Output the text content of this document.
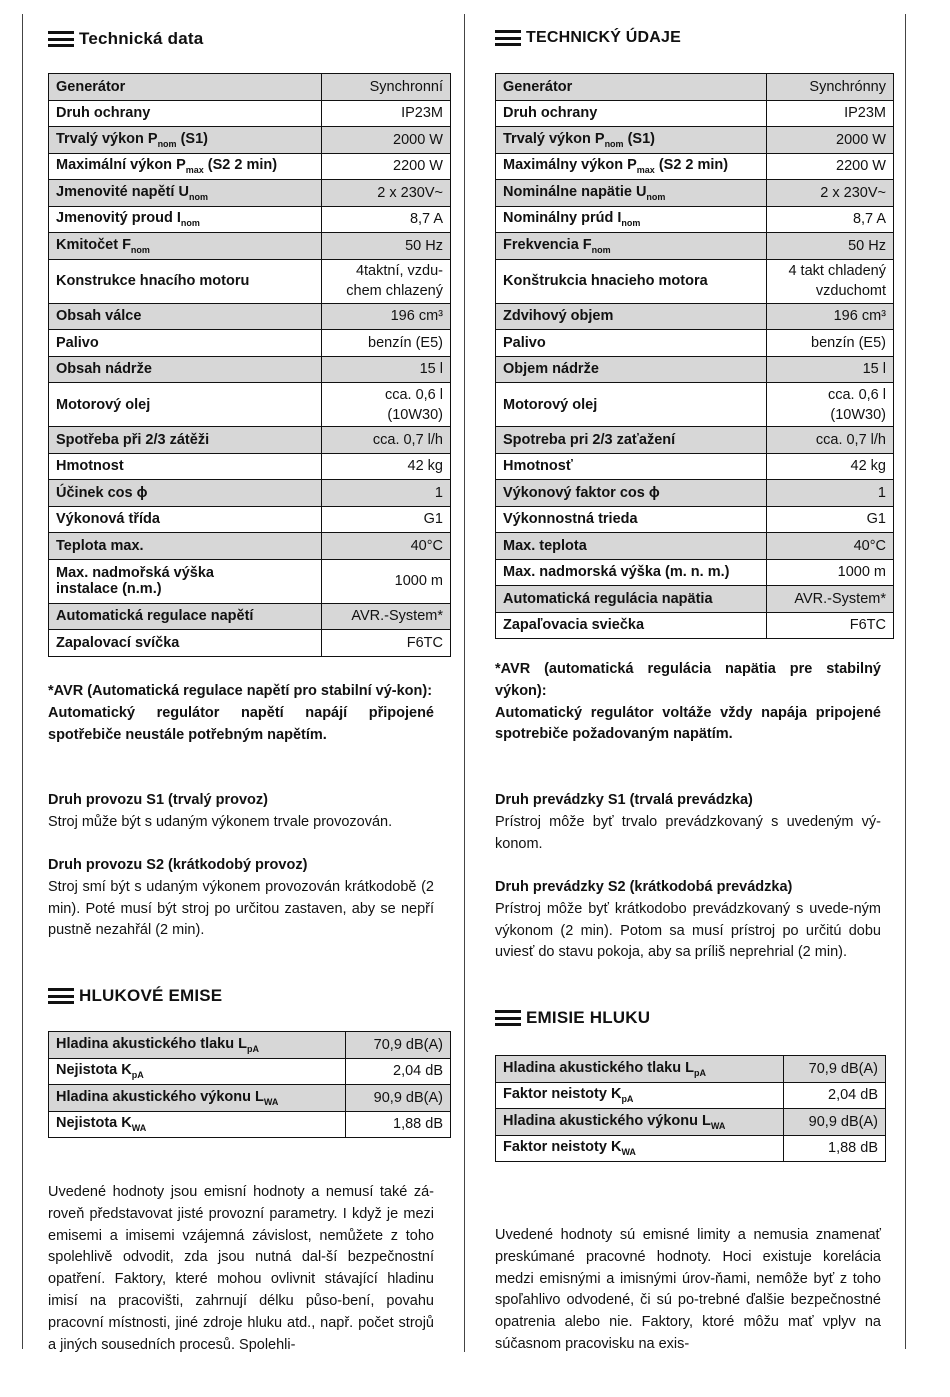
Technická data
Generátor	Synchronní
Druh ochrany	IP23M
Trvalý výkon $P_{nom}$ (S1)	2000 W
Maximální výkon $P_{max}$ (S2 2 min)	2200 W
Jmenovité napětí $U_{nom}$	2 x 230V~
Jmenovitý proud $I_{nom}$	8,7 A
Kmitočet $F_{nom}$	50 Hz
Konstrukce hnacího motoru	4taktní, vzdu-
chem chlazený
Obsah válce	196 cm³
Palivo	benzín (E5)
Obsah nádrže	15 l
Motorový olej	cca. 0,6 l
(10W30)
Spotřeba při 2/3 zátěži	cca. 0,7 l/h
Hmotnost	42 kg
Účinek cos ϕ	1
Výkonová třída	G1
Teplota max.	40°C
Max. nadmořská výška
instalace (n.m.)	1000 m
Automatická regulace napětí	AVR.-System*
Zapalovací svíčka	F6TC

*AVR (Automatická regulace napětí pro stabilní vý-kon):

Automatický regulátor napětí napájí připojené spotřebiče neustále potřebným napětím.

Druh provozu S1 (trvalý provoz)

Stroj může být s udaným výkonem trvale provozován.

Druh provozu S2 (krátkodobý provoz)

Stroj smí být s udaným výkonem provozován krátkodobě (2 min). Poté musí být stroj po určitou zastaven, aby se nepří pustně nezahřál (2 min).

HLUKOVÉ EMISE
Hladina akustického tlaku $L_{pA}$	70,9 dB(A)
Nejistota $K_{pA}$	2,04 dB
Hladina akustického výkonu $L_{WA}$	90,9 dB(A)
Nejistota $K_{WA}$	1,88 dB

Uvedené hodnoty jsou emisní hodnoty a nemusí také zá-roveň představovat jisté provozní parametry. I když je mezi emisemi a imisemi vzájemná závislost, nemůžete z toho spolehlivě odvodit, zda jsou nutná dal-ší bezpečnostní opatření. Faktory, které mohou ovlivnit stávající hladinu imisí na pracovišti, zahrnují délku půso-bení, povahu pracovní místnosti, jiné zdroje hluku atd., např. počet strojů a jiných sousedních procesů. Spolehli-

TECHNICKÝ ÚDAJE
Generátor	Synchrónny
Druh ochrany	IP23M
Trvalý výkon $P_{nom}$ (S1)	2000 W
Maximálny výkon $P_{max}$ (S2 2 min)	2200 W
Nominálne napätie $U_{nom}$	2 x 230V~
Nominálny prúd $I_{nom}$	8,7 A
Frekvencia $F_{nom}$	50 Hz
Konštrukcia hnacieho motora	4 takt chladený
vzduchomt
Zdvihový objem	196 cm³
Palivo	benzín (E5)
Objem nádrže	15 l
Motorový olej	cca. 0,6 l
(10W30)
Spotreba pri 2/3 zaťažení	cca. 0,7 l/h
Hmotnosť	42 kg
Výkonový faktor cos ϕ	1
Výkonnostná trieda	G1
Max. teplota	40°C
Max. nadmorská výška (m. n. m.)	1000 m
Automatická regulácia napätia	AVR.-System*
Zapaľovacia sviečka	F6TC

*AVR (automatická regulácia napätia pre stabilný výkon):

Automatický regulátor voltáže vždy napája pripojené spotrebiče požadovaným napätím.

Druh prevádzky S1 (trvalá prevádzka)

Prístroj môže byť trvalo prevádzkovaný s uvedeným vý-konom.

Druh prevádzky S2 (krátkodobá prevádzka)

Prístroj môže byť krátkodobo prevádzkovaný s uvede-ným výkonom (2 min). Potom sa musí prístroj po určitú dobu uviesť do stavu pokoja, aby sa príliš neprehrial (2 min).

EMISIE HLUKU
Hladina akustického tlaku $L_{pA}$	70,9 dB(A)
Faktor neistoty $K_{pA}$	2,04 dB
Hladina akustického výkonu $L_{WA}$	90,9 dB(A)
Faktor neistoty $K_{WA}$	1,88 dB

Uvedené hodnoty sú emisné limity a nemusia znamenať preskúmané pracovné hodnoty. Hoci existuje korelácia medzi emisnými a imisnými úrov-ňami, nemôže byť z toho spoľahlivo odvodené, či sú po-trebné ďalšie bezpečnostné opatrenia alebo nie. Faktory, ktoré môžu mať vplyv na súčasnom pracovisku na exis-
